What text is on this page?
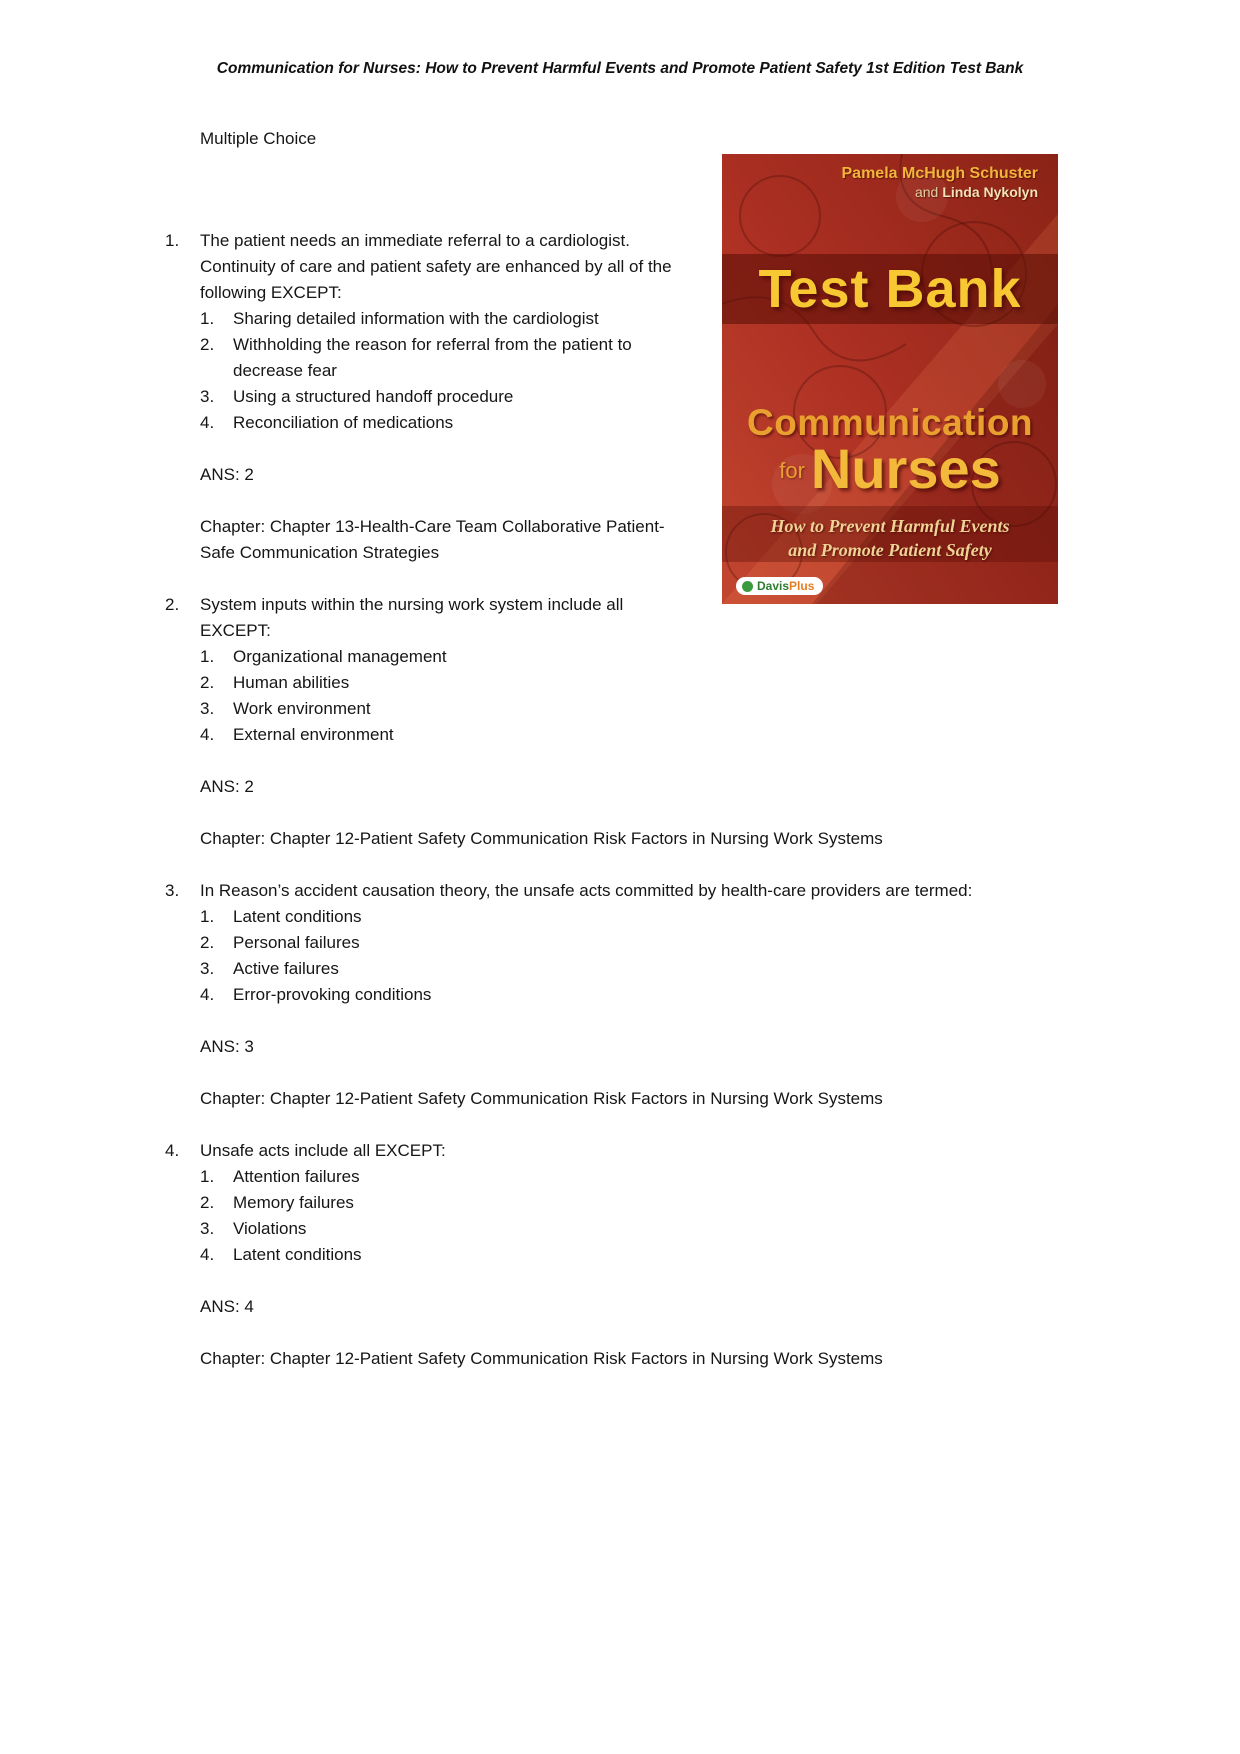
Communication for Nurses: How to Prevent Harmful Events and Promote Patient Safety 1st Edition Test Bank
Multiple Choice
Pamela McHugh Schuster
and Linda Nykolyn
Test Bank
Communication
for Nurses
How to Prevent Harmful Events
and Promote Patient Safety
Davis Plus
1. The patient needs an immediate referral to a cardiologist. Continuity of care and patient safety are enhanced by all of the following EXCEPT:
1.	Sharing detailed information with the cardiologist
2.	Withholding the reason for referral from the patient to decrease fear
3.	Using a structured handoff procedure
4.	Reconciliation of medications
ANS: 2
Chapter: Chapter 13-Health-Care Team Collaborative Patient-Safe Communication Strategies
2. System inputs within the nursing work system include all EXCEPT:
1.	Organizational management
2.	Human abilities
3.	Work environment
4.	External environment
ANS: 2
Chapter: Chapter 12-Patient Safety Communication Risk Factors in Nursing Work Systems
3. In Reason’s accident causation theory, the unsafe acts committed by health-care providers are termed:
1.	Latent conditions
2.	Personal failures
3.	Active failures
4.	Error-provoking conditions
ANS: 3
Chapter: Chapter 12-Patient Safety Communication Risk Factors in Nursing Work Systems
4. Unsafe acts include all EXCEPT:
1.	Attention failures
2.	Memory failures
3.	Violations
4.	Latent conditions
ANS: 4
Chapter: Chapter 12-Patient Safety Communication Risk Factors in Nursing Work Systems
